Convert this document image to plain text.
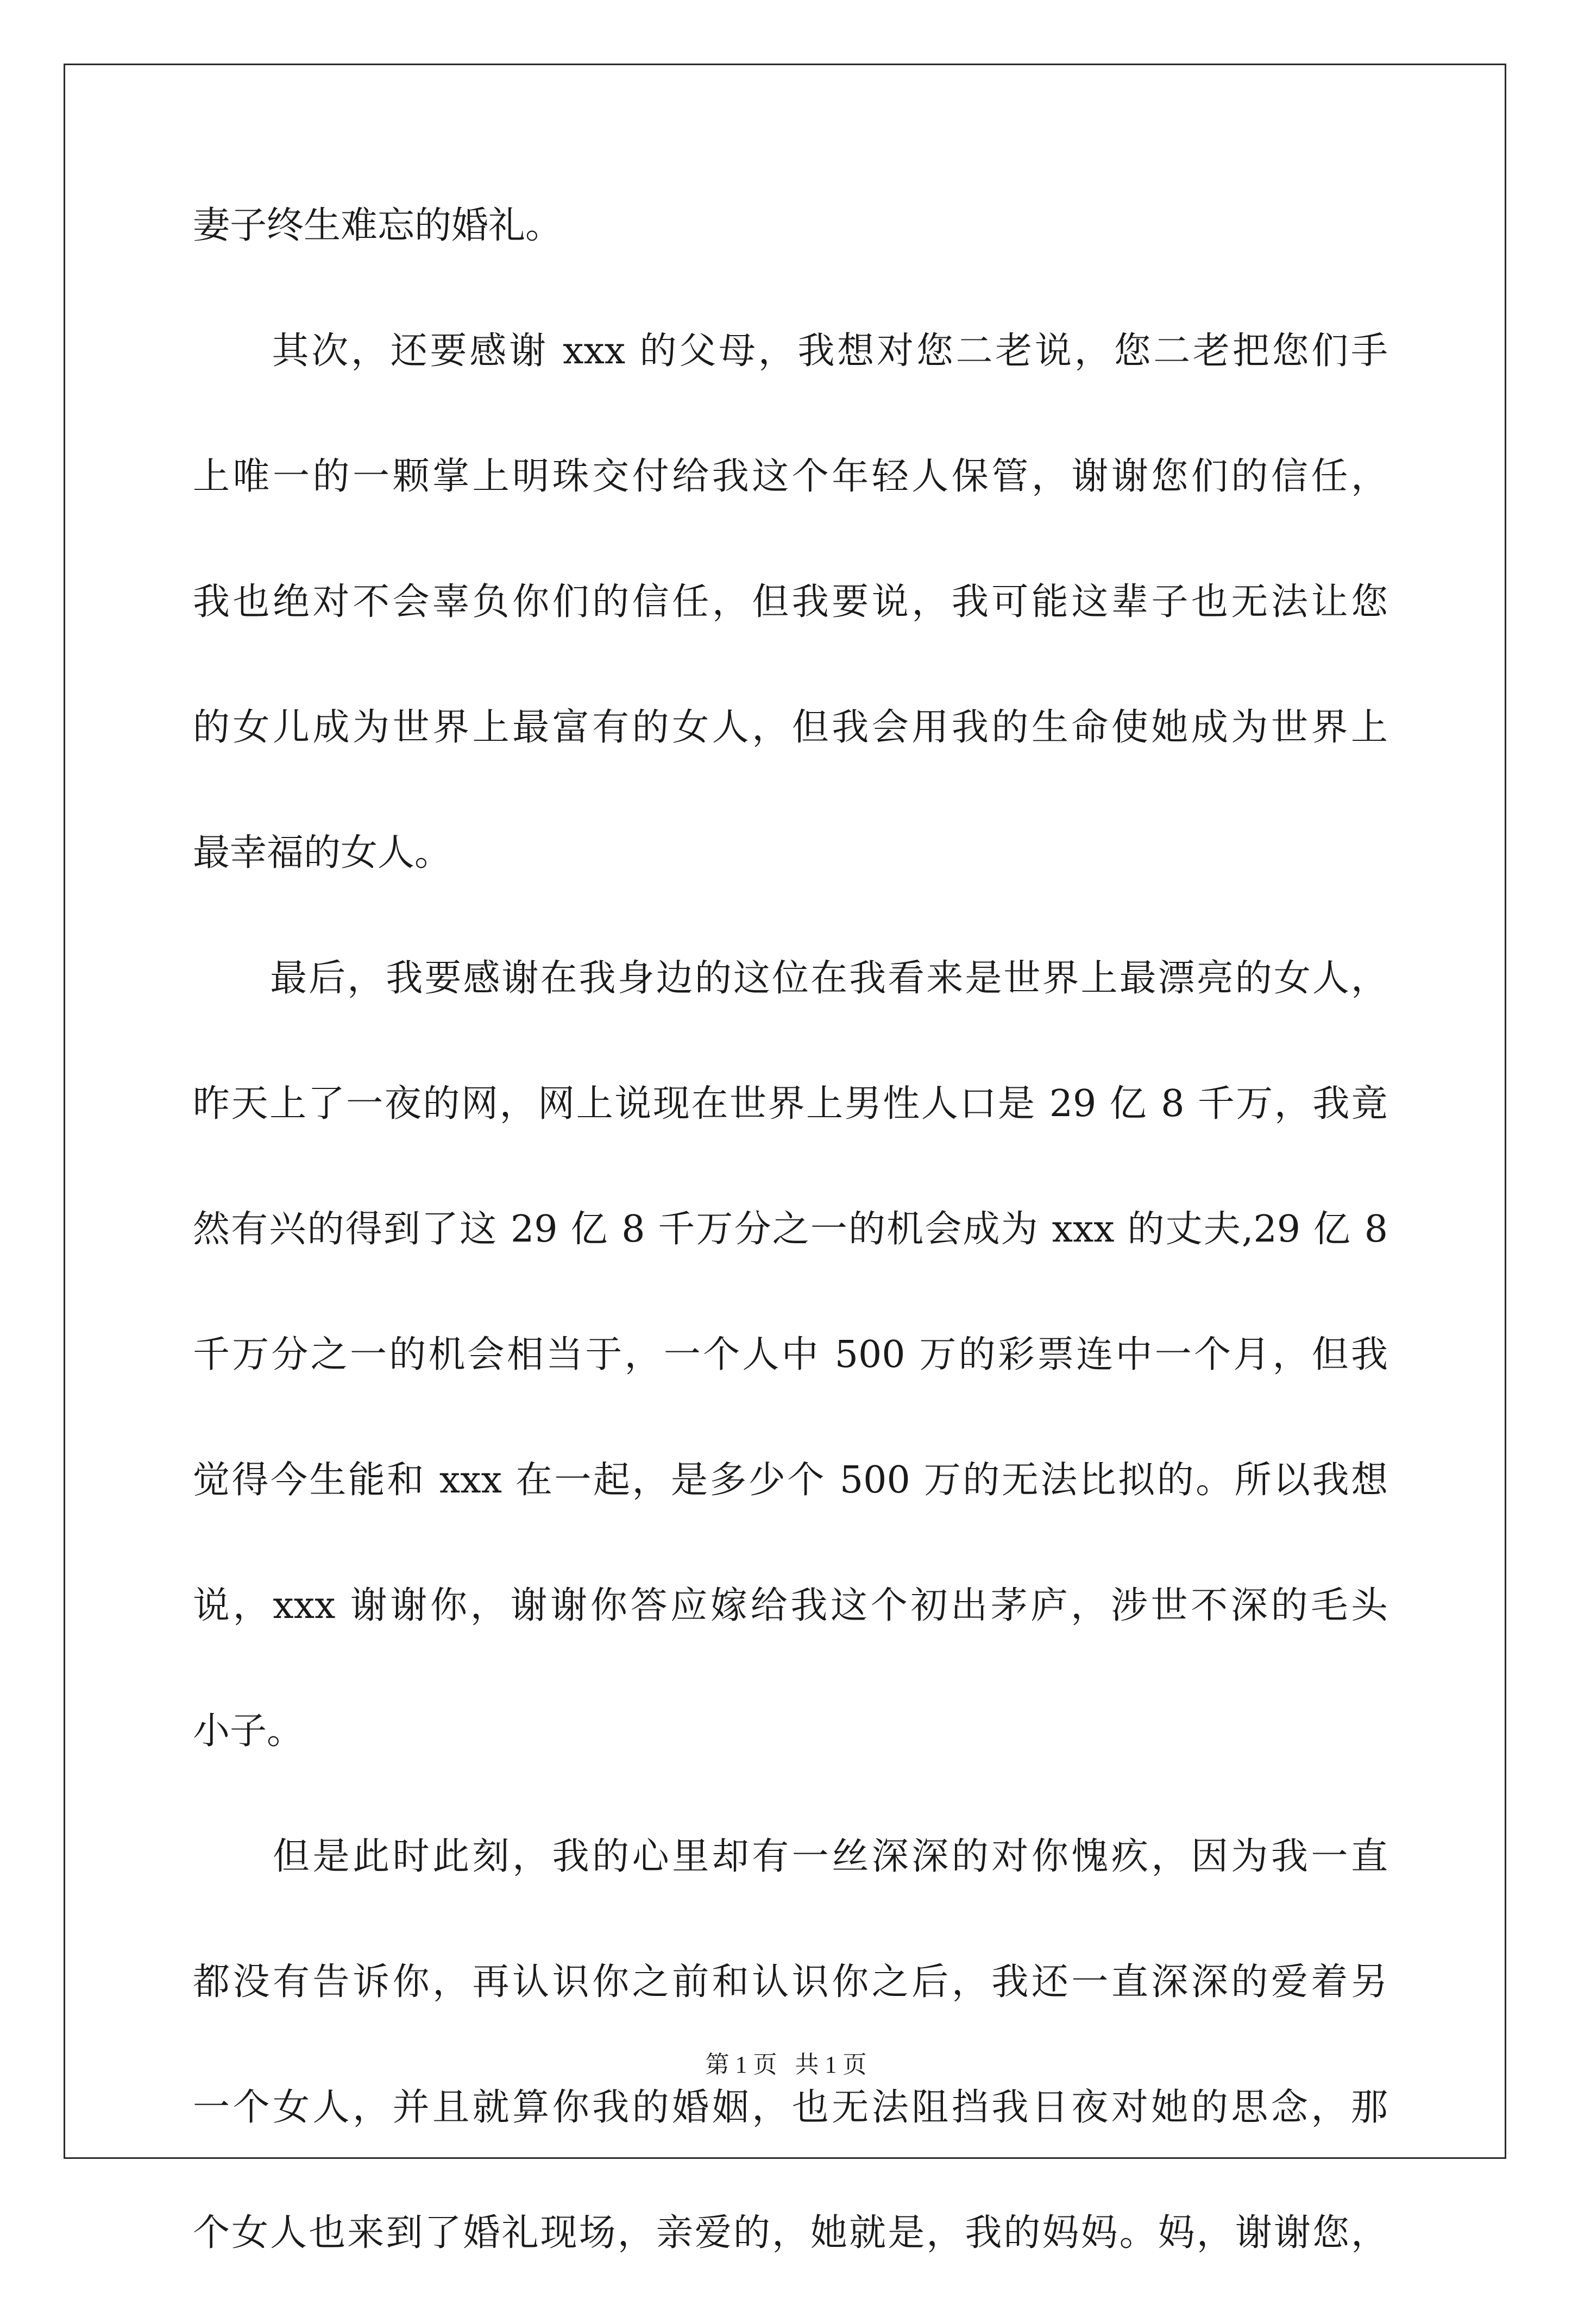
妻子终生难忘的婚礼。
　　其次，还要感谢 xxx 的父母，我想对您二老说，您二老把您们手
上唯一的一颗掌上明珠交付给我这个年轻人保管，谢谢您们的信任，
我也绝对不会辜负你们的信任，但我要说，我可能这辈子也无法让您
的女儿成为世界上最富有的女人，但我会用我的生命使她成为世界上
最幸福的女人。
　　最后，我要感谢在我身边的这位在我看来是世界上最漂亮的女人，
昨天上了一夜的网，网上说现在世界上男性人口是 29 亿 8 千万，我竟
然有兴的得到了这 29 亿 8 千万分之一的机会成为 xxx 的丈夫,29 亿 8
千万分之一的机会相当于，一个人中 500 万的彩票连中一个月，但我
觉得今生能和 xxx 在一起，是多少个 500 万的无法比拟的。所以我想
说，xxx 谢谢你，谢谢你答应嫁给我这个初出茅庐，涉世不深的毛头
小子。
　　但是此时此刻，我的心里却有一丝深深的对你愧疚，因为我一直
都没有告诉你，再认识你之前和认识你之后，我还一直深深的爱着另
一个女人，并且就算你我的婚姻，也无法阻挡我日夜对她的思念，那
个女人也来到了婚礼现场，亲爱的，她就是，我的妈妈。妈，谢谢您，
第 1 页 共 1 页
